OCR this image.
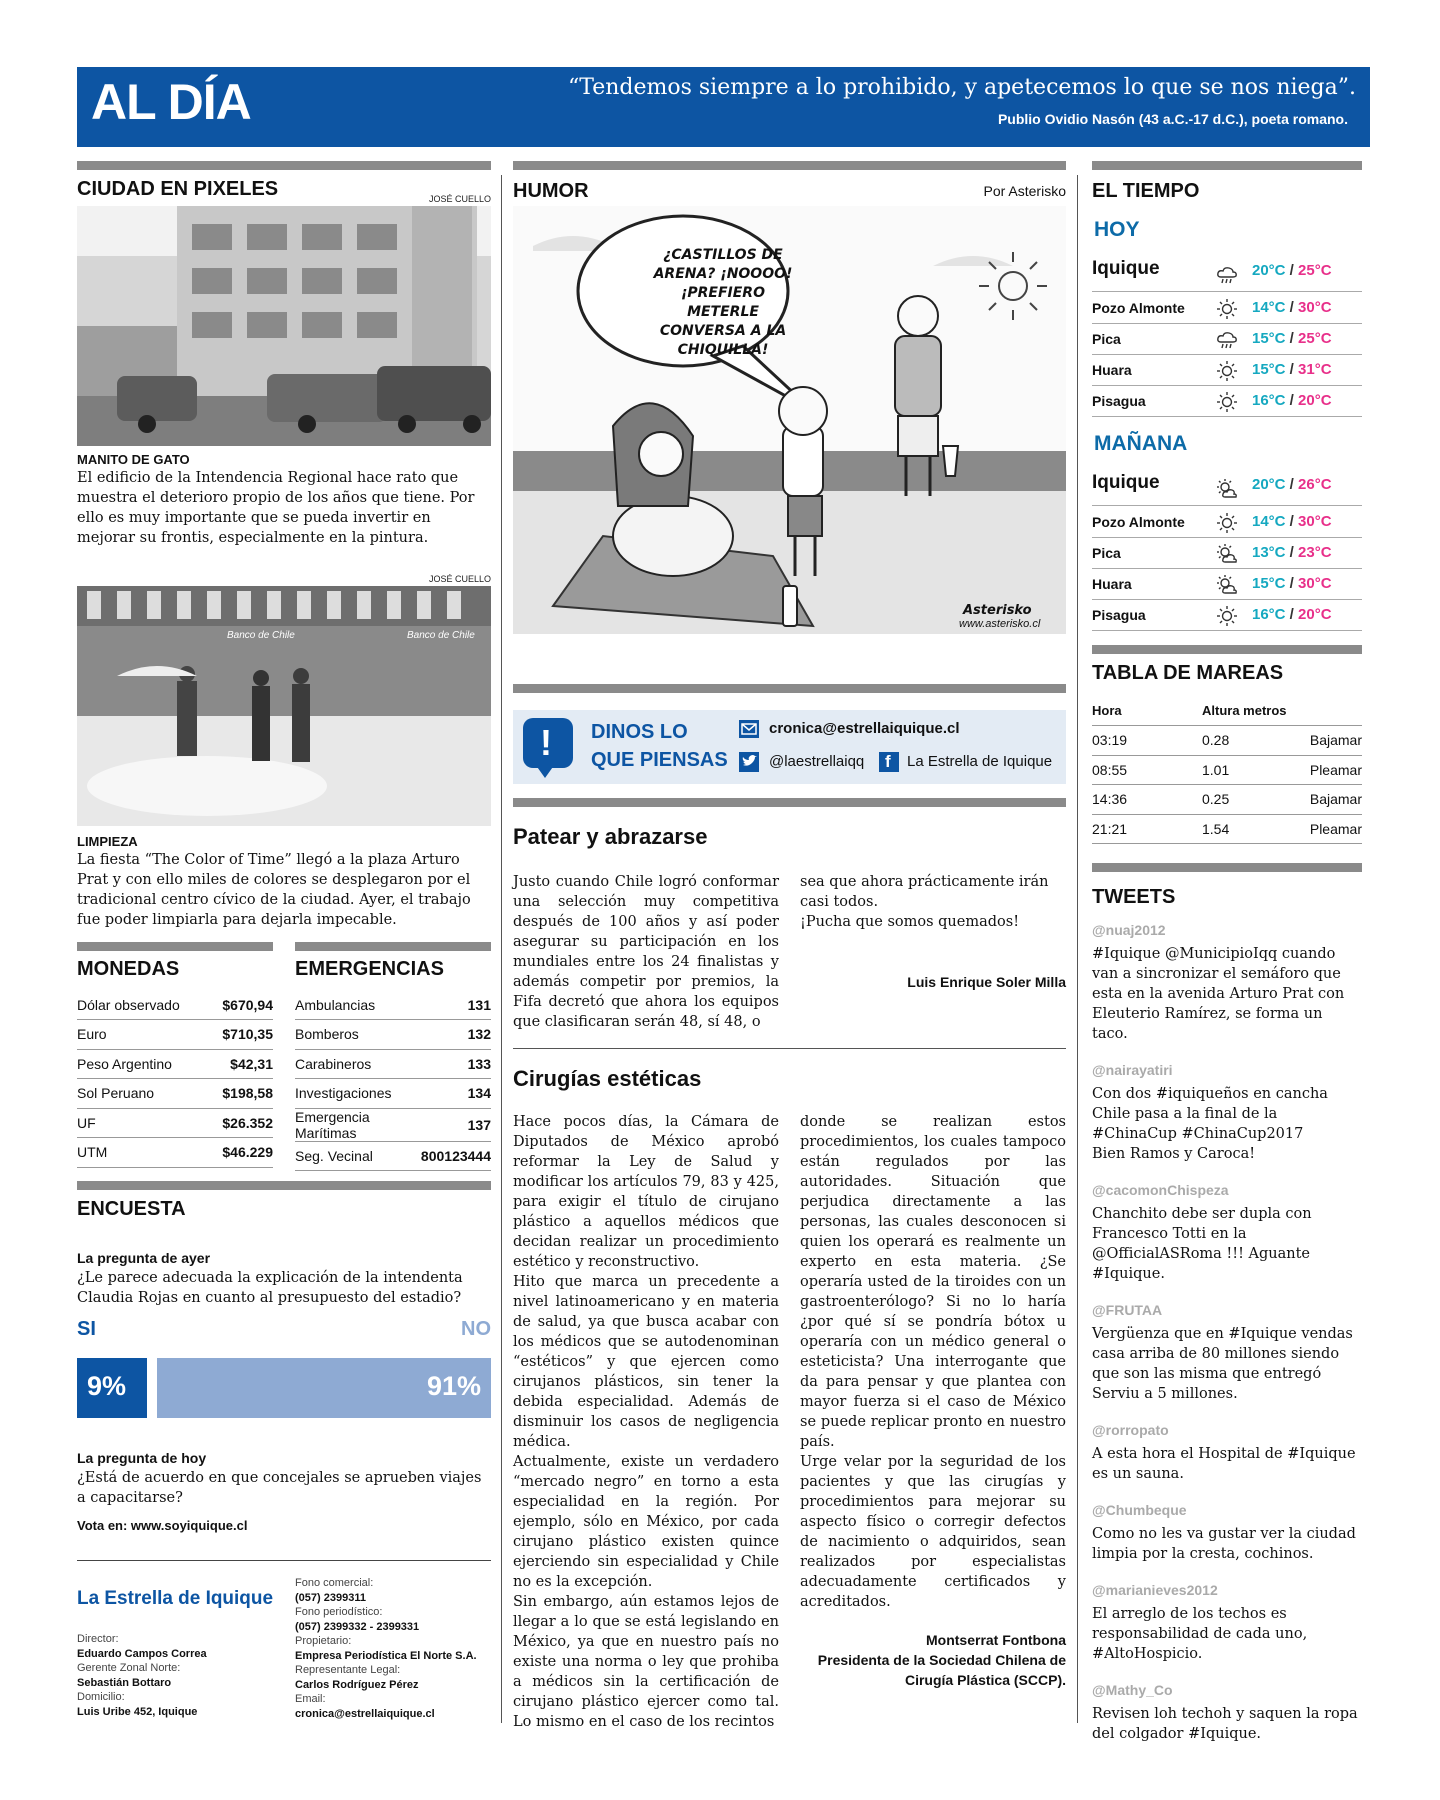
AL DÍA	“Tendemos siempre a lo prohibido, y apetecemos lo que se nos niega”.
Publio Ovidio Nasón (43 a.C.-17 d.C.), poeta romano.
CIUDAD EN PIXELES	JOSÉ CUELLO
MANITO DE GATO
El edificio de la Intendencia Regional hace rato que muestra el deterioro propio de los años que tiene. Por ello es muy importante que se pueda invertir en mejorar su frontis, especialmente en la pintura.
JOSÉ CUELLO
Banco de Chile	Banco de Chile
LIMPIEZA
La fiesta “The Color of Time” llegó a la plaza Arturo Prat y con ello miles de colores se desplegaron por el tradicional centro cívico de la ciudad. Ayer, el trabajo fue poder limpiarla para dejarla impecable.
MONEDAS
Dólar observado	$670,94
Euro	$710,35
Peso Argentino	$42,31
Sol Peruano	$198,58
UF	$26.352
UTM	$46.229
EMERGENCIAS
Ambulancias	131
Bomberos	132
Carabineros	133
Investigaciones	134
Emergencia Marítimas	137
Seg. Vecinal	800123444
ENCUESTA
La pregunta de ayer
¿Le parece adecuada la explicación de la intendenta Claudia Rojas en cuanto al presupuesto del estadio?
SI	NO
9%	91%
La pregunta de hoy
¿Está de acuerdo en que concejales se aprueben viajes a capacitarse?
Vota en: www.soyiquique.cl
La Estrella de Iquique
Director:
Eduardo Campos Correa
Gerente Zonal Norte:
Sebastián Bottaro
Domicilio:
Luis Uribe 452, Iquique
Fono comercial:
(057) 2399311
Fono periodístico:
(057) 2399332 - 2399331
Propietario:
Empresa Periodística El Norte S.A.
Representante Legal:
Carlos Rodríguez Pérez
Email:
cronica@estrellaiquique.cl
HUMOR	Por Asterisko
¿CASTILLOS DE ARENA? ¡NOOOO! ¡PREFIERO METERLE CONVERSA A LA CHIQUILLA!
Asterisko
www.asterisko.cl
! DINOS LO
QUE PIENSAS
cronica@estrellaiquique.cl
@laestrellaiqq f La Estrella de Iquique
Patear y abrazarse
Justo cuando Chile logró conformar una selección muy competitiva después de 100 años y así poder asegurar su participación en los mundiales entre los 24 finalistas y además competir por premios, la Fifa decretó que ahora los equipos que clasificaran serán 48, sí 48, o
sea que ahora prácticamente irán casi todos.
¡Pucha que somos quemados!
Luis Enrique Soler Milla
Cirugías estéticas
Hace pocos días, la Cámara de Diputados de México aprobó reformar la Ley de Salud y modificar los artículos 79, 83 y 425, para exigir el título de cirujano plástico a aquellos médicos que decidan realizar un procedimiento estético y reconstructivo.
Hito que marca un precedente a nivel latinoamericano y en materia de salud, ya que busca acabar con los médicos que se autodenominan “estéticos” y que ejercen como cirujanos plásticos, sin tener la debida especialidad. Además de disminuir los casos de negligencia médica.
Actualmente, existe un verdadero “mercado negro” en torno a esta especialidad en la región. Por ejemplo, sólo en México, por cada cirujano plástico existen quince ejerciendo sin especialidad y Chile no es la excepción.
Sin embargo, aún estamos lejos de llegar a lo que se está legislando en México, ya que en nuestro país no existe una norma o ley que prohiba a médicos sin la certificación de cirujano plástico ejercer como tal. Lo mismo en el caso de los recintos
donde se realizan estos procedimientos, los cuales tampoco están regulados por las autoridades. Situación que perjudica directamente a las personas, las cuales desconocen si quien los operará es realmente un experto en esta materia. ¿Se operaría usted de la tiroides con un gastroenterólogo? Si no lo haría ¿por qué sí se pondría bótox u operaría con un médico general o esteticista? Una interrogante que da para pensar y que plantea con mayor fuerza si el caso de México se puede replicar pronto en nuestro país.
Urge velar por la seguridad de los pacientes y que las cirugías y procedimientos para mejorar su aspecto físico o corregir defectos de nacimiento o adquiridos, sean realizados por especialistas adecuadamente certificados y acreditados.
Montserrat Fontbona
Presidenta de la Sociedad Chilena de Cirugía Plástica (SCCP).
EL TIEMPO
HOY
Iquique	20°C / 25°C
Pozo Almonte	14°C / 30°C
Pica	15°C / 25°C
Huara	15°C / 31°C
Pisagua	16°C / 20°C
MAÑANA
Iquique	20°C / 26°C
Pozo Almonte	14°C / 30°C
Pica	13°C / 23°C
Huara	15°C / 30°C
Pisagua	16°C / 20°C
TABLA DE MAREAS
Hora	Altura metros	
03:19	0.28	Bajamar
08:55	1.01	Pleamar
14:36	0.25	Bajamar
21:21	1.54	Pleamar
TWEETS
@nuaj2012
#Iquique @MunicipioIqq cuando van a sincronizar el semáforo que esta en la avenida Arturo Prat con Eleuterio Ramírez, se forma un taco.
@nairayatiri
Con dos #iquiqueños en cancha Chile pasa a la final de la #ChinaCup #ChinaCup2017
Bien Ramos y Caroca!
@cacomonChispeza
Chanchito debe ser dupla con Francesco Totti en la @OfficialASRoma !!! Aguante #Iquique.
@FRUTAA
Vergüenza que en #Iquique vendas casa arriba de 80 millones siendo que son las misma que entregó Serviu a 5 millones.
@rorropato
A esta hora el Hospital de #Iquique es un sauna.
@Chumbeque
Como no les va gustar ver la ciudad limpia por la cresta, cochinos.
@marianieves2012
El arreglo de los techos es responsabilidad de cada uno, #AltoHospicio.
@Mathy_Co
Revisen loh techoh y saquen la ropa del colgador #Iquique.
